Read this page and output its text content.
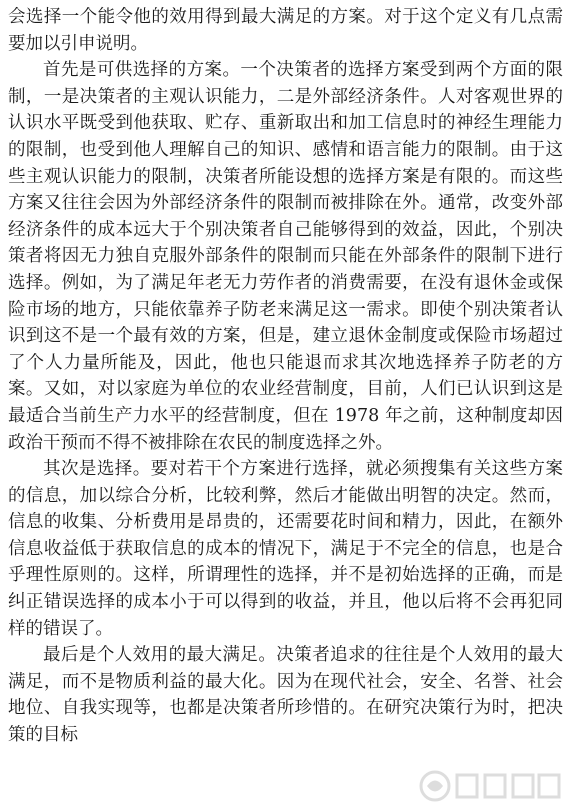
会选择一个能令他的效用得到最大满足的方案。对于这个定义有几点需要加以引申说明。

首先是可供选择的方案。一个决策者的选择方案受到两个方面的限制，一是决策者的主观认识能力，二是外部经济条件。人对客观世界的认识水平既受到他获取、贮存、重新取出和加工信息时的神经生理能力的限制，也受到他人理解自己的知识、感情和语言能力的限制。由于这些主观认识能力的限制，决策者所能设想的选择方案是有限的。而这些方案又往往会因为外部经济条件的限制而被排除在外。通常，改变外部经济条件的成本远大于个别决策者自己能够得到的效益，因此，个别决策者将因无力独自克服外部条件的限制而只能在外部条件的限制下进行选择。例如，为了满足年老无力劳作者的消费需要，在没有退休金或保险市场的地方，只能依靠养子防老来满足这一需求。即使个别决策者认识到这不是一个最有效的方案，但是，建立退休金制度或保险市场超过了个人力量所能及，因此，他也只能退而求其次地选择养子防老的方案。又如，对以家庭为单位的农业经营制度，目前，人们已认识到这是最适合当前生产力水平的经营制度，但在 1978 年之前，这种制度却因政治干预而不得不被排除在农民的制度选择之外。

其次是选择。要对若干个方案进行选择，就必须搜集有关这些方案的信息，加以综合分析，比较利弊，然后才能做出明智的决定。然而，信息的收集、分析费用是昂贵的，还需要花时间和精力，因此，在额外信息收益低于获取信息的成本的情况下，满足于不完全的信息，也是合乎理性原则的。这样，所谓理性的选择，并不是初始选择的正确，而是纠正错误选择的成本小于可以得到的收益，并且，他以后将不会再犯同样的错误了。

最后是个人效用的最大满足。决策者追求的往往是个人效用的最大满足，而不是物质利益的最大化。因为在现代社会，安全、名誉、社会地位、自我实现等，也都是决策者所珍惜的。在研究决策行为时，把决策的目标
